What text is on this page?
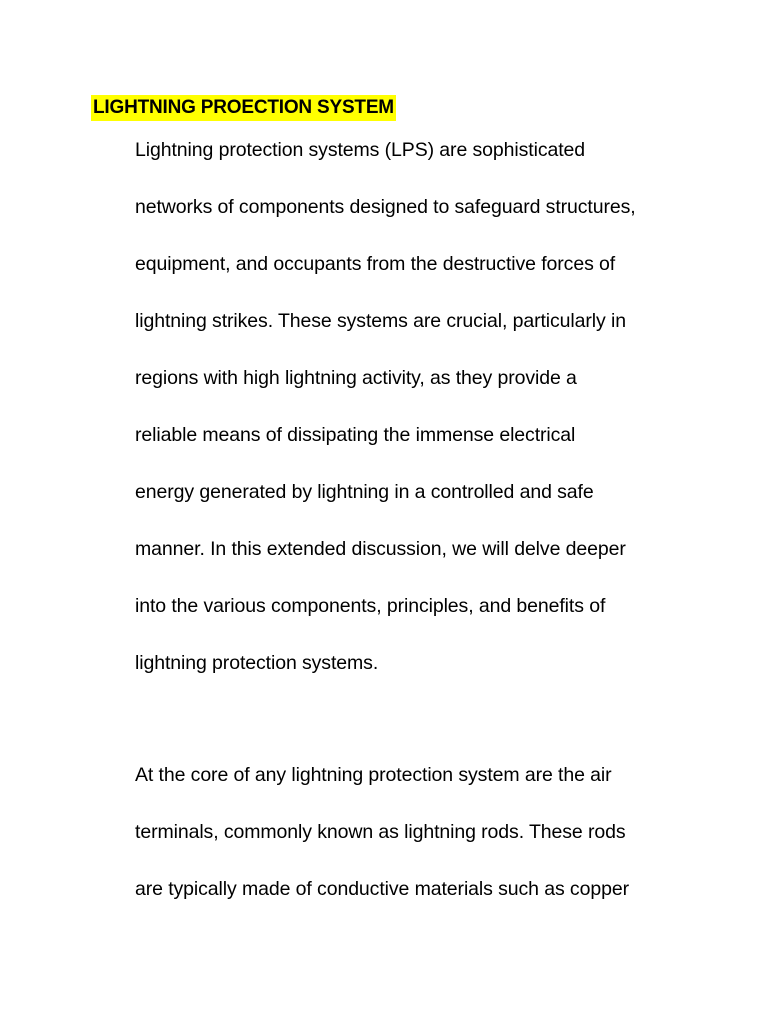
LIGHTNING PROECTION SYSTEM
Lightning protection systems (LPS) are sophisticated
networks of components designed to safeguard structures,
equipment, and occupants from the destructive forces of
lightning strikes. These systems are crucial, particularly in
regions with high lightning activity, as they provide a
reliable means of dissipating the immense electrical
energy generated by lightning in a controlled and safe
manner. In this extended discussion, we will delve deeper
into the various components, principles, and benefits of
lightning protection systems.
At the core of any lightning protection system are the air
terminals, commonly known as lightning rods. These rods
are typically made of conductive materials such as copper
